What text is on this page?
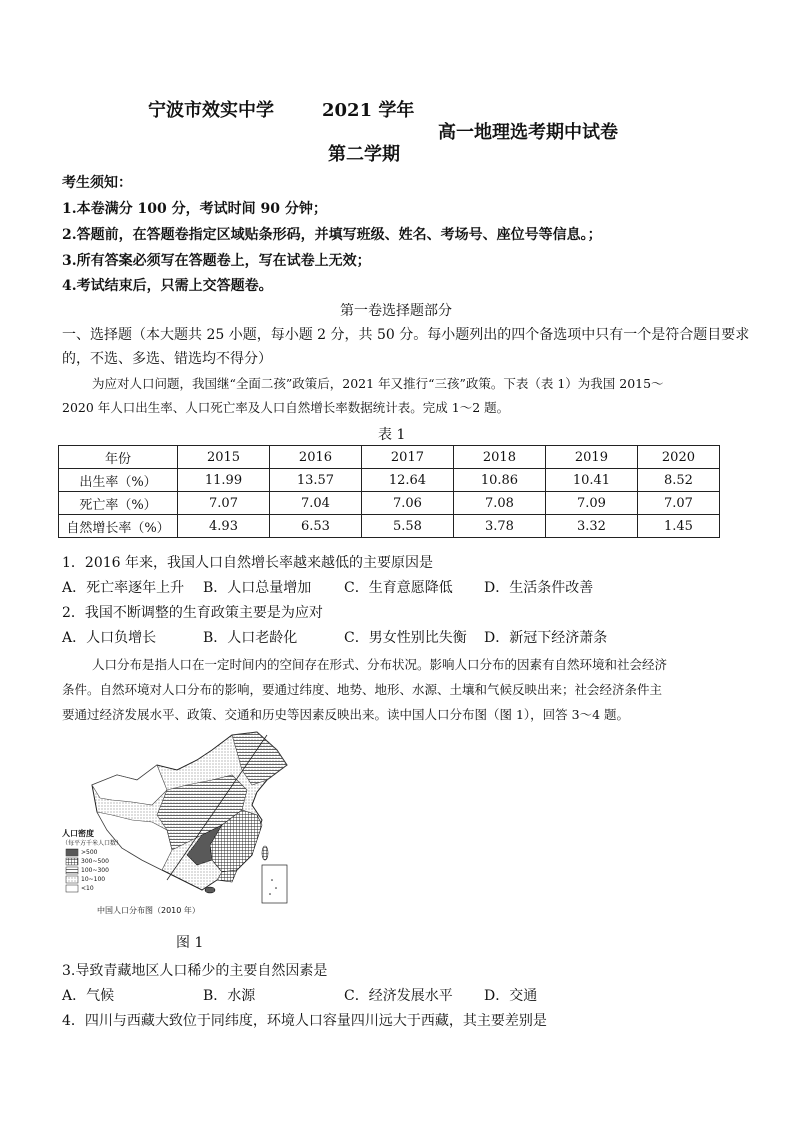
宁波市效实中学	2021 学年
高一地理选考期中试卷
第二学期
考生须知：
1.本卷满分 100 分，考试时间 90 分钟；
2.答题前，在答题卷指定区域贴条形码，并填写班级、姓名、考场号、座位号等信息。；
3.所有答案必须写在答题卷上，写在试卷上无效；
4.考试结束后，只需上交答题卷。
第一卷选择题部分
一、选择题（本大题共 25 小题，每小题 2 分，共 50 分。每小题列出的四个备选项中只有一个是符合题目要求
的，不选、多选、错选均不得分）
为应对人口问题，我国继“全面二孩”政策后，2021 年又推行“三孩”政策。下表（表 1）为我国 2015～
2020 年人口出生率、人口死亡率及人口自然增长率数据统计表。完成 1～2 题。
表 1
年份	2015	2016	2017	2018	2019	2020
出生率（%）	11.99	13.57	12.64	10.86	10.41	8.52
死亡率（%）	7.07	7.04	7.06	7.08	7.09	7.07
自然增长率（%）	4.93	6.53	5.58	3.78	3.32	1.45
1．2016 年来，我国人口自然增长率越来越低的主要原因是
A．死亡率逐年上升 B．人口总量增加 C．生育意愿降低 D．生活条件改善
2．我国不断调整的生育政策主要是为应对
A．人口负增长	B．人口老龄化	C．男女性别比失衡 D．新冠下经济萧条
人口分布是指人口在一定时间内的空间存在形式、分布状况。影响人口分布的因素有自然环境和社会经济
条件。自然环境对人口分布的影响，要通过纬度、地势、地形、水源、土壤和气候反映出来；社会经济条件主
要通过经济发展水平、政策、交通和历史等因素反映出来。读中国人口分布图（图 1），回答 3～4 题。
人口密度
（每平方千米人口数）
>500
300~500
100~300
10~100
<10
中国人口分布图（2010 年）
图 1
3.导致青藏地区人口稀少的主要自然因素是
A．气候	B．水源	C．经济发展水平 D．交通
4．四川与西藏大致位于同纬度，环境人口容量四川远大于西藏，其主要差别是
